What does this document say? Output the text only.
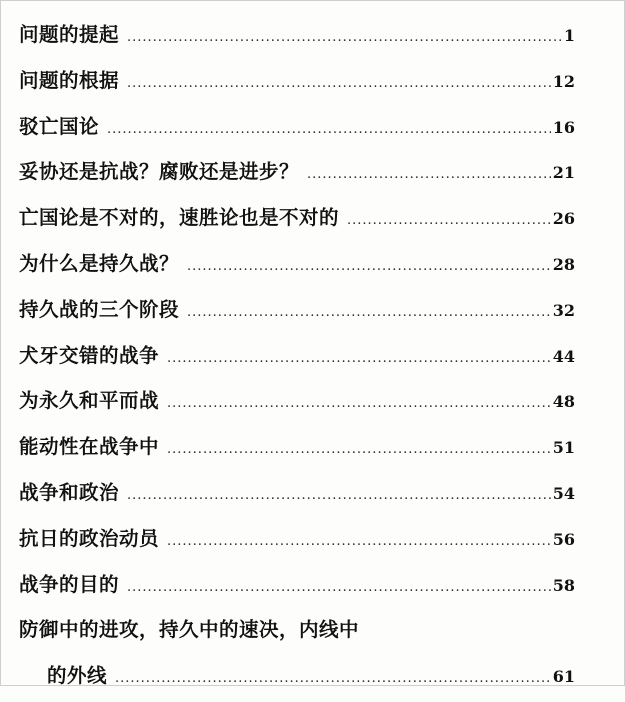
问题的提起 .....	1
问题的根据 .....	12
驳亡国论 .....	16
妥协还是抗战？腐败还是进步？ .....	21
亡国论是不对的，速胜论也是不对的 .....	26
为什么是持久战？ .....	28
持久战的三个阶段 .....	32
犬牙交错的战争 .....	44
为永久和平而战 .....	48
能动性在战争中 .....	51
战争和政治 .....	54
抗日的政治动员 .....	56
战争的目的 .....	58
防御中的进攻，持久中的速决，内线中
的外线 .....	61
